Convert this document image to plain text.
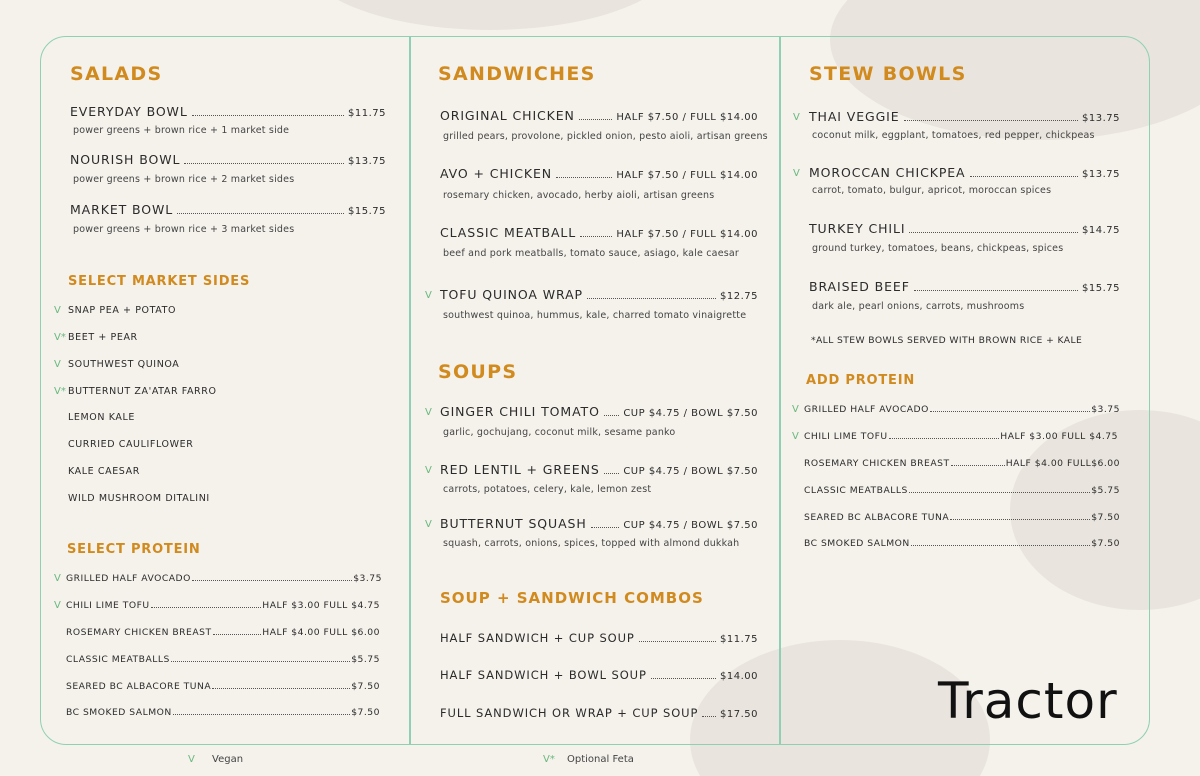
SALADS
EVERYDAY BOWL	$11.75
power greens + brown rice + 1 market side
NOURISH BOWL	$13.75
power greens + brown rice + 2 market sides
MARKET BOWL	$15.75
power greens + brown rice + 3 market sides
SELECT MARKET SIDES
V SNAP PEA + POTATO
V* BEET + PEAR
V SOUTHWEST QUINOA
V* BUTTERNUT ZA'ATAR FARRO
LEMON KALE
CURRIED CAULIFLOWER
KALE CAESAR
WILD MUSHROOM DITALINI
SELECT PROTEIN
V GRILLED HALF AVOCADO	$3.75
V CHILI LIME TOFU	HALF $3.00 FULL $4.75
ROSEMARY CHICKEN BREAST	HALF $4.00 FULL $6.00
CLASSIC MEATBALLS	$5.75
SEARED BC ALBACORE TUNA	$7.50
BC SMOKED SALMON	$7.50
SANDWICHES
ORIGINAL CHICKEN	HALF $7.50 / FULL $14.00
grilled pears, provolone, pickled onion, pesto aioli, artisan greens
AVO + CHICKEN	HALF $7.50 / FULL $14.00
rosemary chicken, avocado, herby aioli, artisan greens
CLASSIC MEATBALL	HALF $7.50 / FULL $14.00
beef and pork meatballs, tomato sauce, asiago, kale caesar
V TOFU QUINOA WRAP	$12.75
southwest quinoa, hummus, kale, charred tomato vinaigrette
SOUPS
V GINGER CHILI TOMATO CUP $4.75 / BOWL $7.50
garlic, gochujang, coconut milk, sesame panko
V RED LENTIL + GREENS CUP $4.75 / BOWL $7.50
carrots, potatoes, celery, kale, lemon zest
V BUTTERNUT SQUASH	CUP $4.75 / BOWL $7.50
squash, carrots, onions, spices, topped with almond dukkah
SOUP + SANDWICH COMBOS
HALF SANDWICH + CUP SOUP	$11.75
HALF SANDWICH + BOWL SOUP	$14.00
FULL SANDWICH OR WRAP + CUP SOUP $17.50
STEW BOWLS
V THAI VEGGIE	$13.75
coconut milk, eggplant, tomatoes, red pepper, chickpeas
V MOROCCAN CHICKPEA	$13.75
carrot, tomato, bulgur, apricot, moroccan spices
TURKEY CHILI	$14.75
ground turkey, tomatoes, beans, chickpeas, spices
BRAISED BEEF	$15.75
dark ale, pearl onions, carrots, mushrooms
*ALL STEW BOWLS SERVED WITH BROWN RICE + KALE
ADD PROTEIN
V GRILLED HALF AVOCADO	$3.75
V CHILI LIME TOFU	HALF $3.00 FULL $4.75
ROSEMARY CHICKEN BREAST	HALF $4.00 FULL$6.00
CLASSIC MEATBALLS	$5.75
SEARED BC ALBACORE TUNA	$7.50
BC SMOKED SALMON	$7.50
Tractor
V Vegan	V* Optional Feta
